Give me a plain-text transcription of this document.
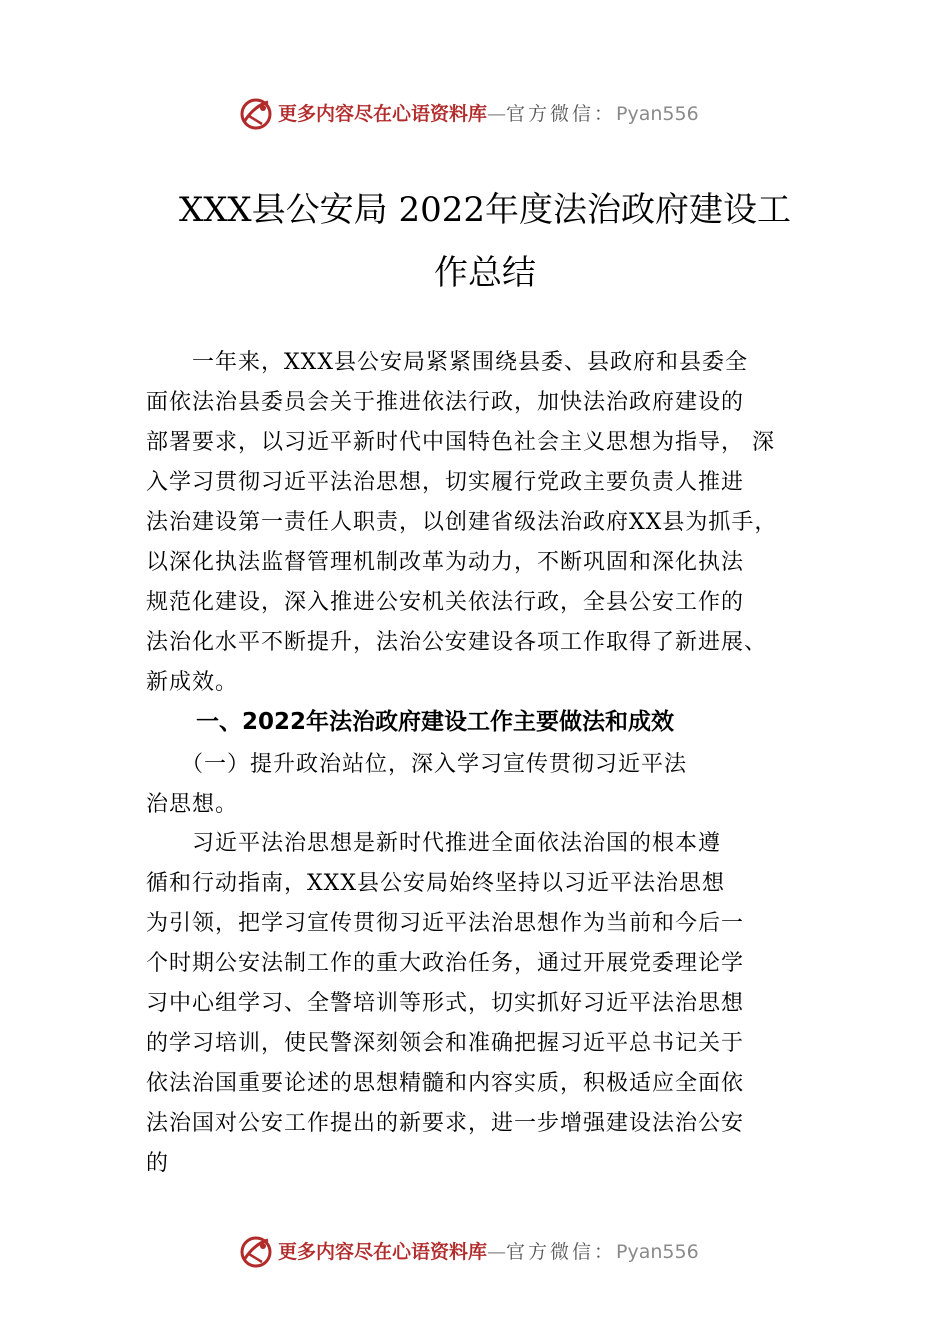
更多内容尽在心语资料库—官方微信：Pyan556
XXX县公安局 2022年度法治政府建设工
作总结
　　一年来，XXX县公安局紧紧围绕县委、县政府和县委全
面依法治县委员会关于推进依法行政，加快法治政府建设的
部署要求，以习近平新时代中国特色社会主义思想为指导， 深
入学习贯彻习近平法治思想，切实履行党政主要负责人推进
法治建设第一责任人职责，以创建省级法治政府XX县为抓手，
以深化执法监督管理机制改革为动力，不断巩固和深化执法
规范化建设，深入推进公安机关依法行政，全县公安工作的
法治化水平不断提升，法治公安建设各项工作取得了新进展、
新成效。
一、2022年法治政府建设工作主要做法和成效
　　（一）提升政治站位，深入学习宣传贯彻习近平法
治思想。
　　习近平法治思想是新时代推进全面依法治国的根本遵
循和行动指南，XXX县公安局始终坚持以习近平法治思想
为引领，把学习宣传贯彻习近平法治思想作为当前和今后一
个时期公安法制工作的重大政治任务，通过开展党委理论学
习中心组学习、全警培训等形式，切实抓好习近平法治思想
的学习培训，使民警深刻领会和准确把握习近平总书记关于
依法治国重要论述的思想精髓和内容实质，积极适应全面依
法治国对公安工作提出的新要求，进一步增强建设法治公安
的
更多内容尽在心语资料库—官方微信：Pyan556
